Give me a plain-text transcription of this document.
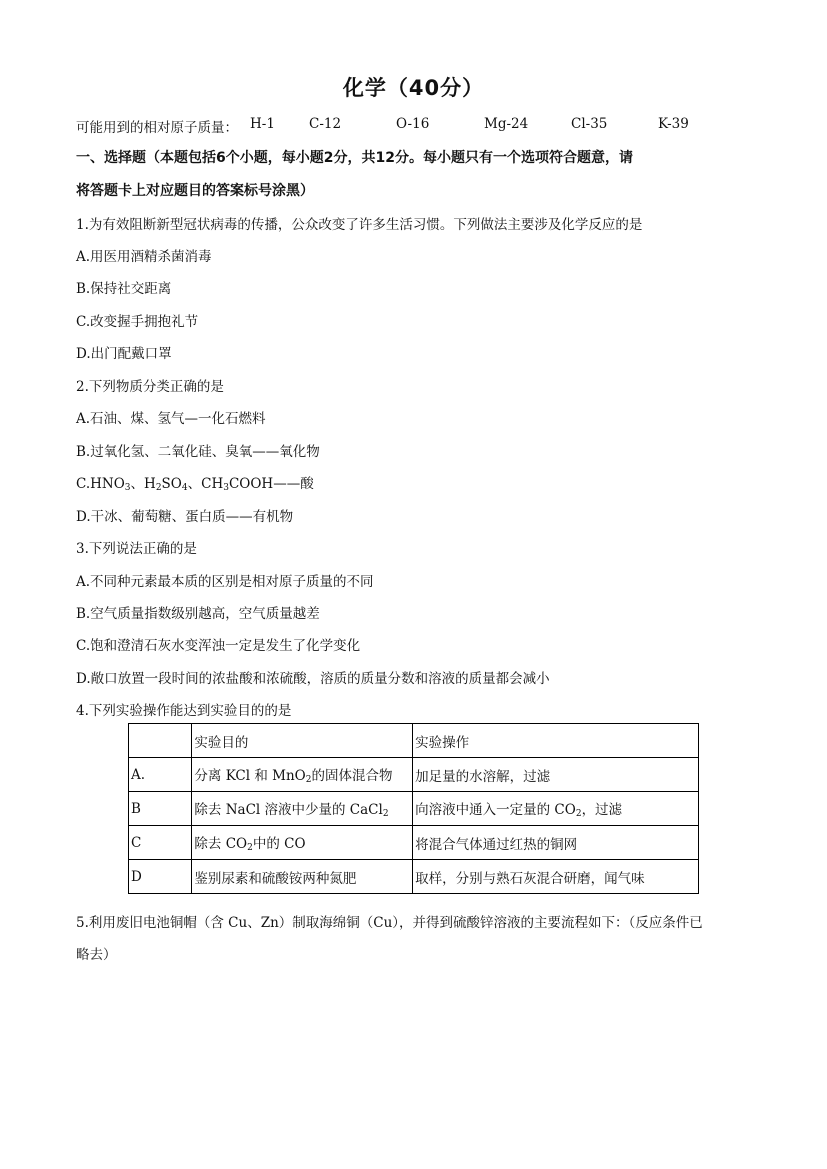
化学（40分）
可能用到的相对原子质量： H-1	C-12	O-16	Mg-24	Cl-35	K-39
一、选择题（本题包括6个小题，每小题2分，共12分。每小题只有一个选项符合题意，请
将答题卡上对应题目的答案标号涂黑）
1.为有效阻断新型冠状病毒的传播，公众改变了许多生活习惯。下列做法主要涉及化学反应的是
A.用医用酒精杀菌消毒
B.保持社交距离
C.改变握手拥抱礼节
D.出门配戴口罩
2.下列物质分类正确的是
A.石油、煤、氢气—一化石燃料
B.过氧化氢、二氧化硅、臭氧——氧化物
$C.HNO_3$、$H_2SO_4$、$CH_3COOH——$酸
D.干冰、葡萄糖、蛋白质——有机物
3.下列说法正确的是
A.不同种元素最本质的区别是相对原子质量的不同
B.空气质量指数级别越高，空气质量越差
C.饱和澄清石灰水变浑浊一定是发生了化学变化
D.敞口放置一段时间的浓盐酸和浓硫酸，溶质的质量分数和溶液的质量都会减小
4.下列实验操作能达到实验目的的是
	实验目的	实验操作
A.	分离 KCl 和 MnO$_2$的固体混合物	加足量的水溶解，过滤
B	除去 NaCl 溶液中少量的 CaCl$_2$	向溶液中通入一定量的 $CO_2$，过滤
C	除去 $CO_2$中的 CO	将混合气体通过红热的铜网
D	鉴别尿素和硫酸铵两种氮肥	取样，分别与熟石灰混合研磨，闻气味
5.利用废旧电池铜帽（含 Cu、Zn）制取海绵铜（Cu），并得到硫酸锌溶液的主要流程如下：（反应条件已
略去）
